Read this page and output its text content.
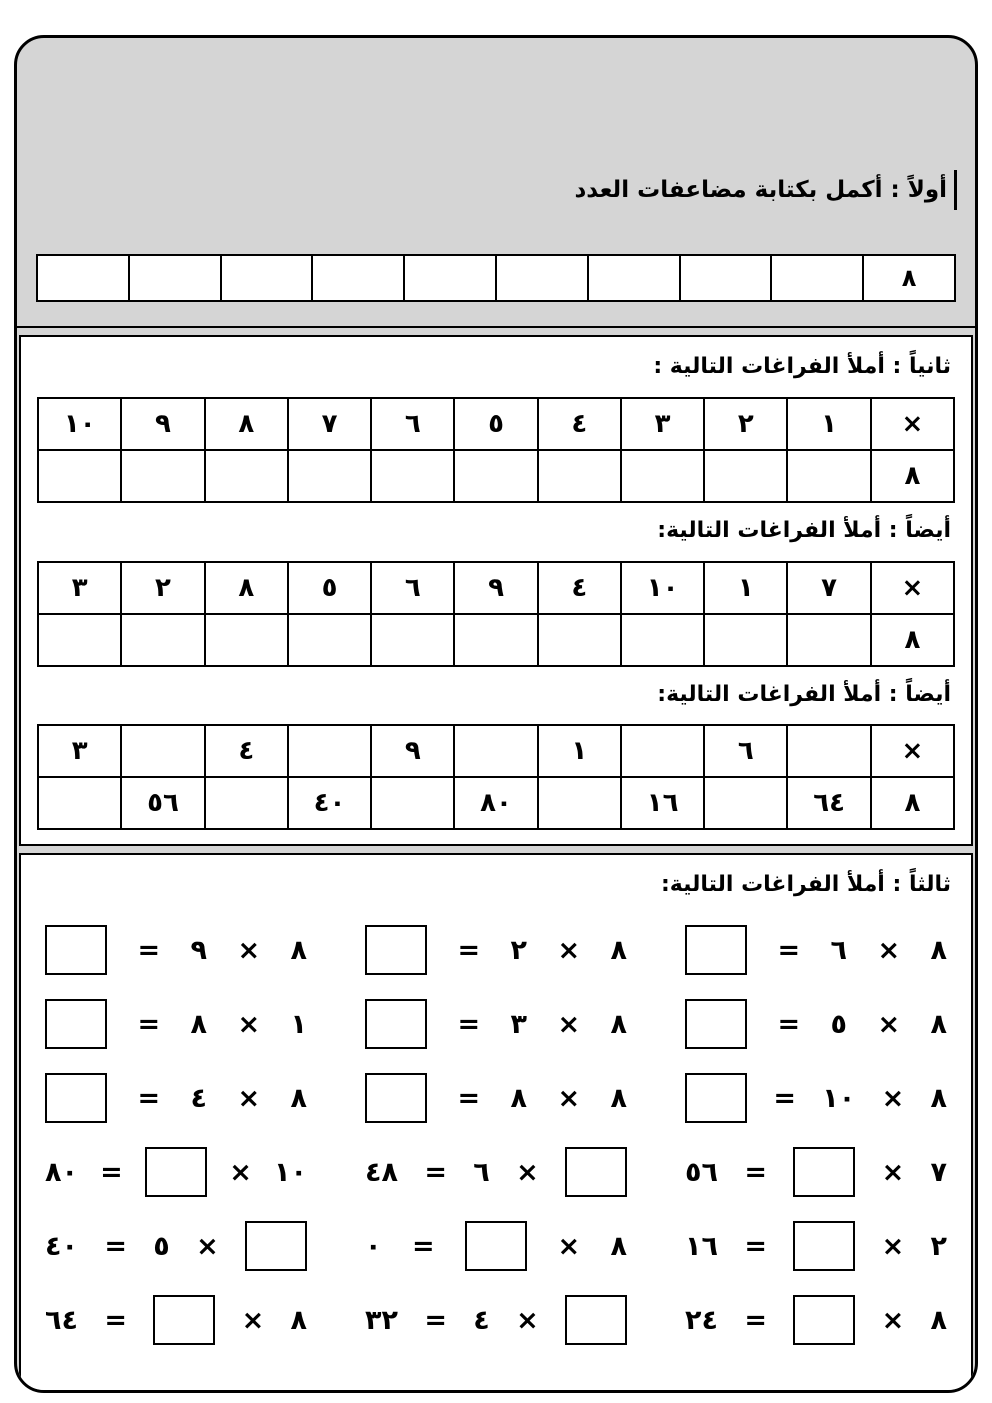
أولاً : أكمل بكتابة مضاعفات العدد
٨
ثانياً : أملأ الفراغات التالية :
×
١
٢
٣
٤
٥
٦
٧
٨
٩
١٠
٨
أيضاً : أملأ الفراغات التالية:
×
٧
١
١٠
٤
٩
٦
٥
٨
٢
٣
٨
أيضاً : أملأ الفراغات التالية:
×
٦
١
٩
٤
٣
٨
٦٤
١٦
٨٠
٤٠
٥٦
ثالثاً : أملأ الفراغات التالية:
٨
×
٦
=
٨
×
٢
=
٨
×
٩
=
٨
×
٥
=
٨
×
٣
=
١
×
٨
=
٨
×
١٠
=
٨
×
٨
=
٨
×
٤
=
٧
×
=
٥٦
×
٦
=
٤٨
١٠
×
=
٨٠
٢
×
=
١٦
٨
×
=
٠
×
٥
=
٤٠
٨
×
=
٢٤
×
٤
=
٣٢
٨
×
=
٦٤
